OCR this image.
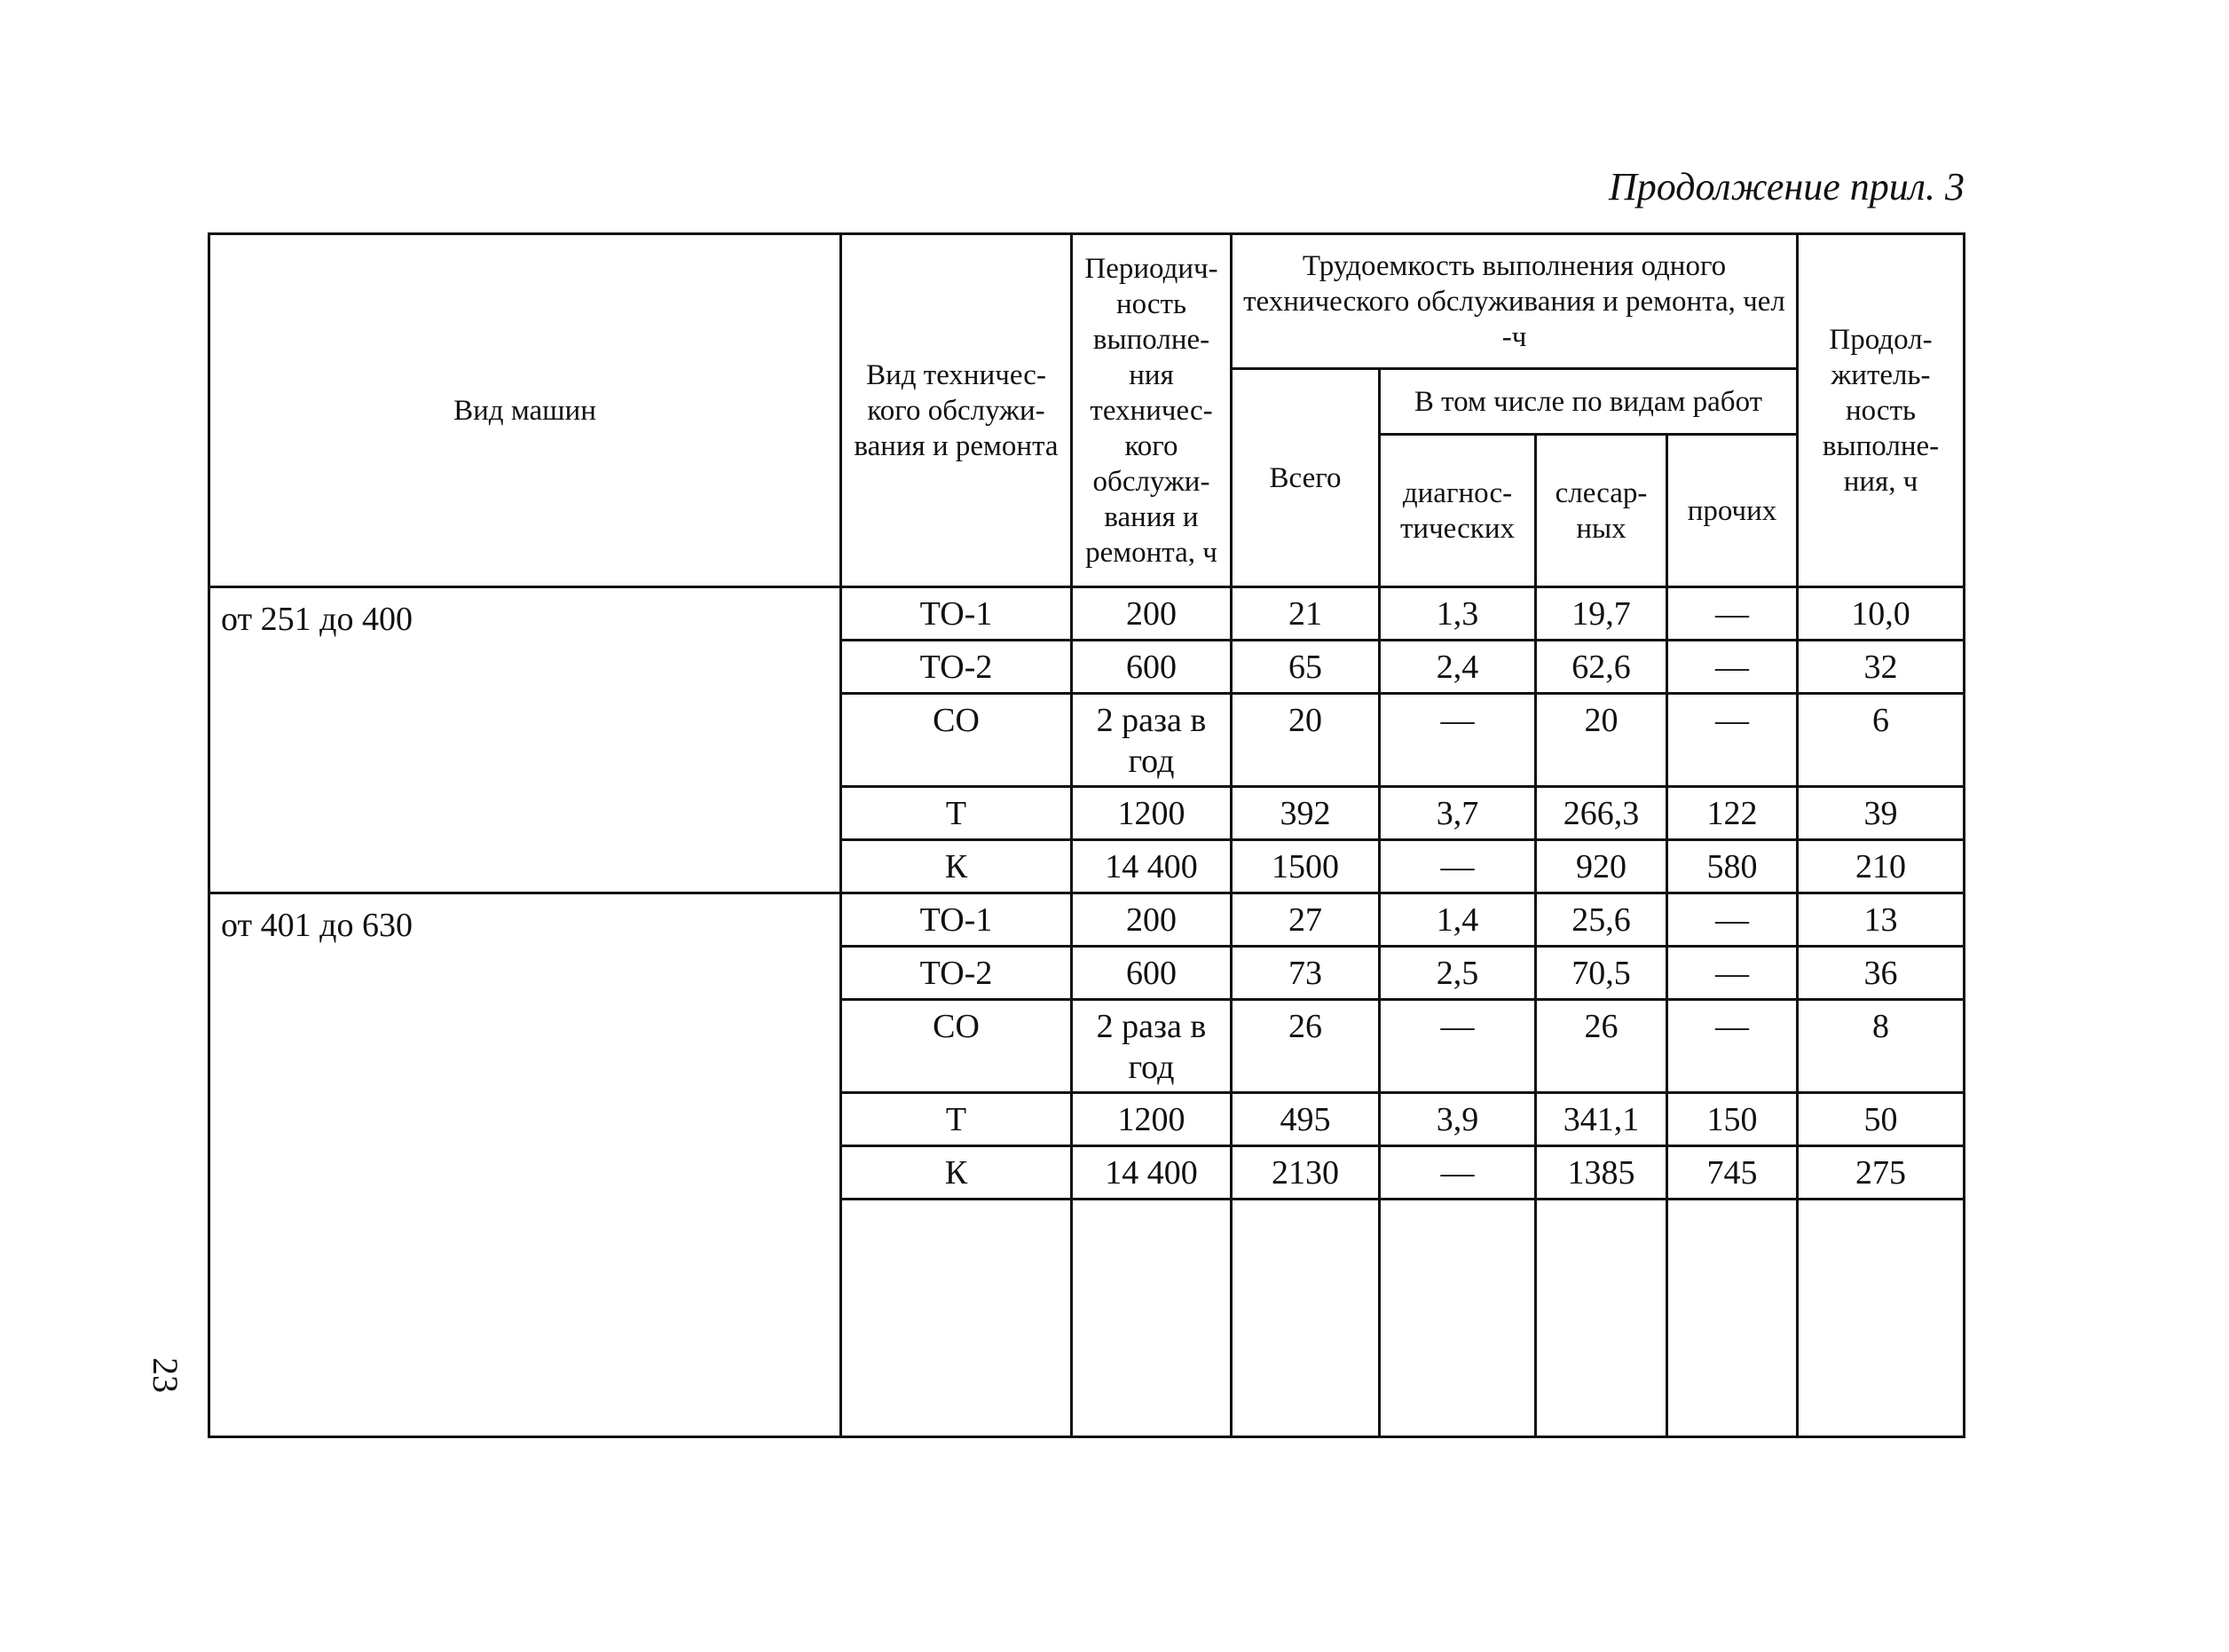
Продолжение прил. 3
Вид машин	Вид техничес- кого обслужи- вания и ремонта	Периодич- ность выполне- ния техничес- кого обслужи- вания и ремонта, ч	Трудоемкость выполнения одного технического обслуживания и ремонта, чел -ч				Продол- житель- ность выполне- ния, ч
			Всего	В том числе по видам работ			
				диагнос- тических	слесар- ных	прочих	
от 251 до 400	ТО-1	200	21	1,3	19,7	—	10,0
	ТО-2	600	65	2,4	62,6	—	32
	СО	2 раза в год	20	—	20	—	6
	Т	1200	392	3,7	266,3	122	39
	К	14 400	1500	—	920	580	210
от 401 до 630	ТО-1	200	27	1,4	25,6	—	13
	ТО-2	600	73	2,5	70,5	—	36
	СО	2 раза в год	26	—	26	—	8
	Т	1200	495	3,9	341,1	150	50
	К	14 400	2130	—	1385	745	275

23
